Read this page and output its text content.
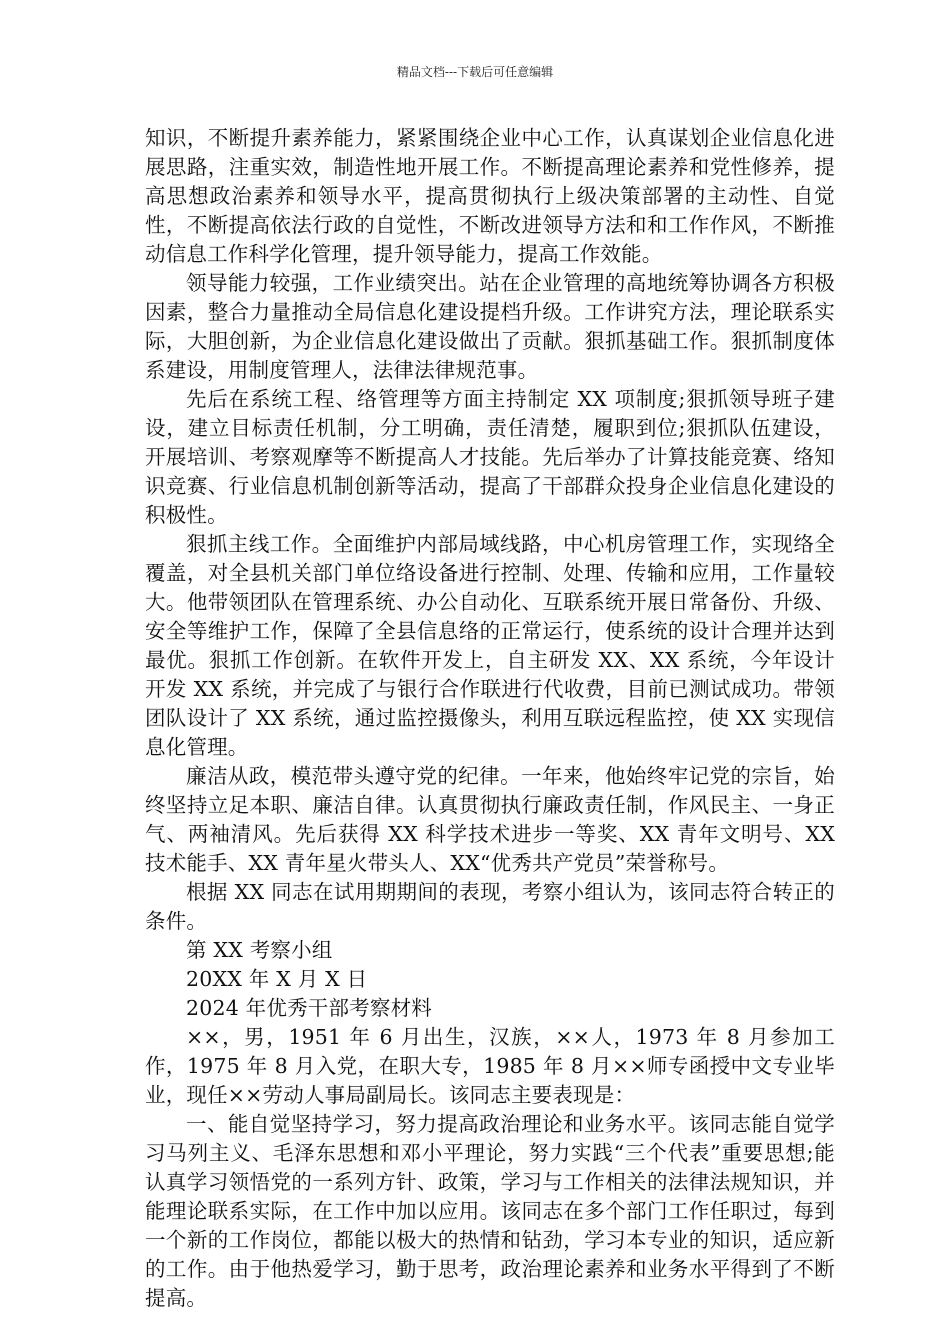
精品文档---下载后可任意编辑

知识，不断提升素养能力，紧紧围绕企业中心工作，认真谋划企业信息化进展思路，注重实效，制造性地开展工作。不断提高理论素养和党性修养，提高思想政治素养和领导水平，提高贯彻执行上级决策部署的主动性、自觉性，不断提高依法行政的自觉性，不断改进领导方法和和工作作风，不断推动信息工作科学化管理，提升领导能力，提高工作效能。

领导能力较强，工作业绩突出。站在企业管理的高地统筹协调各方积极因素，整合力量推动全局信息化建设提档升级。工作讲究方法，理论联系实际，大胆创新，为企业信息化建设做出了贡献。狠抓基础工作。狠抓制度体系建设，用制度管理人，法律法律规范事。

先后在系统工程、络管理等方面主持制定 XX 项制度;狠抓领导班子建设，建立目标责任机制，分工明确，责任清楚，履职到位;狠抓队伍建设，开展培训、考察观摩等不断提高人才技能。先后举办了计算技能竞赛、络知识竞赛、行业信息机制创新等活动，提高了干部群众投身企业信息化建设的积极性。

狠抓主线工作。全面维护内部局域线路，中心机房管理工作，实现络全覆盖，对全县机关部门单位络设备进行控制、处理、传输和应用，工作量较大。他带领团队在管理系统、办公自动化、互联系统开展日常备份、升级、安全等维护工作，保障了全县信息络的正常运行，使系统的设计合理并达到最优。狠抓工作创新。在软件开发上，自主研发 XX、XX 系统，今年设计开发 XX 系统，并完成了与银行合作联进行代收费，目前已测试成功。带领团队设计了 XX 系统，通过监控摄像头，利用互联远程监控，使 XX 实现信息化管理。

廉洁从政，模范带头遵守党的纪律。一年来，他始终牢记党的宗旨，始终坚持立足本职、廉洁自律。认真贯彻执行廉政责任制，作风民主、一身正气、两袖清风。先后获得 XX 科学技术进步一等奖、XX 青年文明号、XX 技术能手、XX 青年星火带头人、XX“优秀共产党员”荣誉称号。

根据 XX 同志在试用期期间的表现，考察小组认为，该同志符合转正的条件。

第 XX 考察小组

20XX 年 X 月 X 日

2024 年优秀干部考察材料

××，男，1951 年 6 月出生，汉族，××人，1973 年 8 月参加工作，1975 年 8 月入党，在职大专，1985 年 8 月××师专函授中文专业毕业，现任××劳动人事局副局长。该同志主要表现是：

一、能自觉坚持学习，努力提高政治理论和业务水平。该同志能自觉学习马列主义、毛泽东思想和邓小平理论，努力实践“三个代表”重要思想;能认真学习领悟党的一系列方针、政策，学习与工作相关的法律法规知识，并能理论联系实际，在工作中加以应用。该同志在多个部门工作任职过，每到一个新的工作岗位，都能以极大的热情和钻劲，学习本专业的知识，适应新的工作。由于他热爱学习，勤于思考，政治理论素养和业务水平得到了不断提高。
